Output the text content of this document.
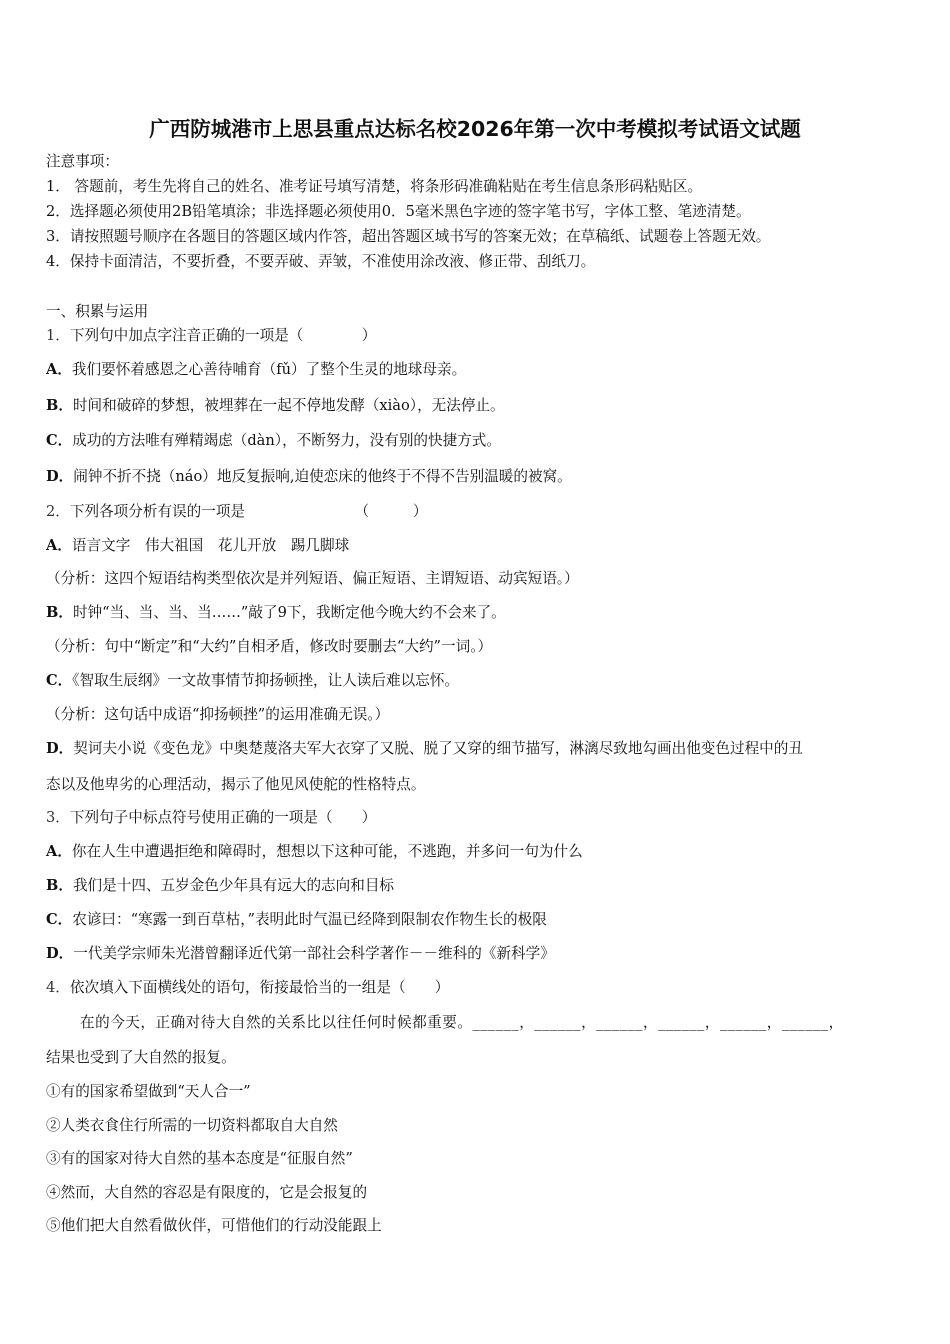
广西防城港市上思县重点达标名校2026年第一次中考模拟考试语文试题
注意事项：
1． 答题前，考生先将自己的姓名、准考证号填写清楚，将条形码准确粘贴在考生信息条形码粘贴区。
2．选择题必须使用2B铅笔填涂；非选择题必须使用0．5毫米黑色字迹的签字笔书写，字体工整、笔迹清楚。
3．请按照题号顺序在各题目的答题区域内作答，超出答题区域书写的答案无效；在草稿纸、试题卷上答题无效。
4．保持卡面清洁，不要折叠，不要弄破、弄皱，不准使用涂改液、修正带、刮纸刀。
一、积累与运用
1．下列句中加点字注音正确的一项是（　　　　）
A．我们要怀着感恩之心善待哺育（fǔ）了整个生灵的地球母亲。
B．时间和破碎的梦想，被埋葬在一起不停地发酵（xiào），无法停止。
C．成功的方法唯有殚精竭虑（dàn），不断努力，没有别的快捷方式。
D．闹钟不折不挠（náo）地反复振响,迫使恋床的他终于不得不告别温暖的被窝。
2．下列各项分析有误的一项是　　　　　　　　（　　　）
A．语言文字　伟大祖国　花儿开放　踢几脚球
（分析：这四个短语结构类型依次是并列短语、偏正短语、主谓短语、动宾短语。）
B．时钟“当、当、当、当……”敲了9下，我断定他今晚大约不会来了。
（分析：句中“断定”和“大约”自相矛盾，修改时要删去“大约”一词。）
C．《智取生辰纲》一文故事情节抑扬顿挫，让人读后难以忘怀。
（分析：这句话中成语“抑扬顿挫”的运用准确无误。）
D．契诃夫小说《变色龙》中奥楚蔑洛夫军大衣穿了又脱、脱了又穿的细节描写，淋漓尽致地勾画出他变色过程中的丑
态以及他卑劣的心理活动，揭示了他见风使舵的性格特点。
3．下列句子中标点符号使用正确的一项是（　　）
A．你在人生中遭遇拒绝和障碍时，想想以下这种可能，不逃跑，并多问一句为什么
B．我们是十四、五岁金色少年具有远大的志向和目标
C．农谚曰：“寒露一到百草枯，”表明此时气温已经降到限制农作物生长的极限
D．一代美学宗师朱光潜曾翻译近代第一部社会科学著作－－维科的《新科学》
4．依次填入下面横线处的语句，衔接最恰当的一组是（　　）
在的今天，正确对待大自然的关系比以往任何时候都重要。______，______，______，______，______，______，
结果也受到了大自然的报复。
①有的国家希望做到“天人合一”
②人类衣食住行所需的一切资料都取自大自然
③有的国家对待大自然的基本态度是“征服自然”
④然而，大自然的容忍是有限度的，它是会报复的
⑤他们把大自然看做伙伴，可惜他们的行动没能跟上
